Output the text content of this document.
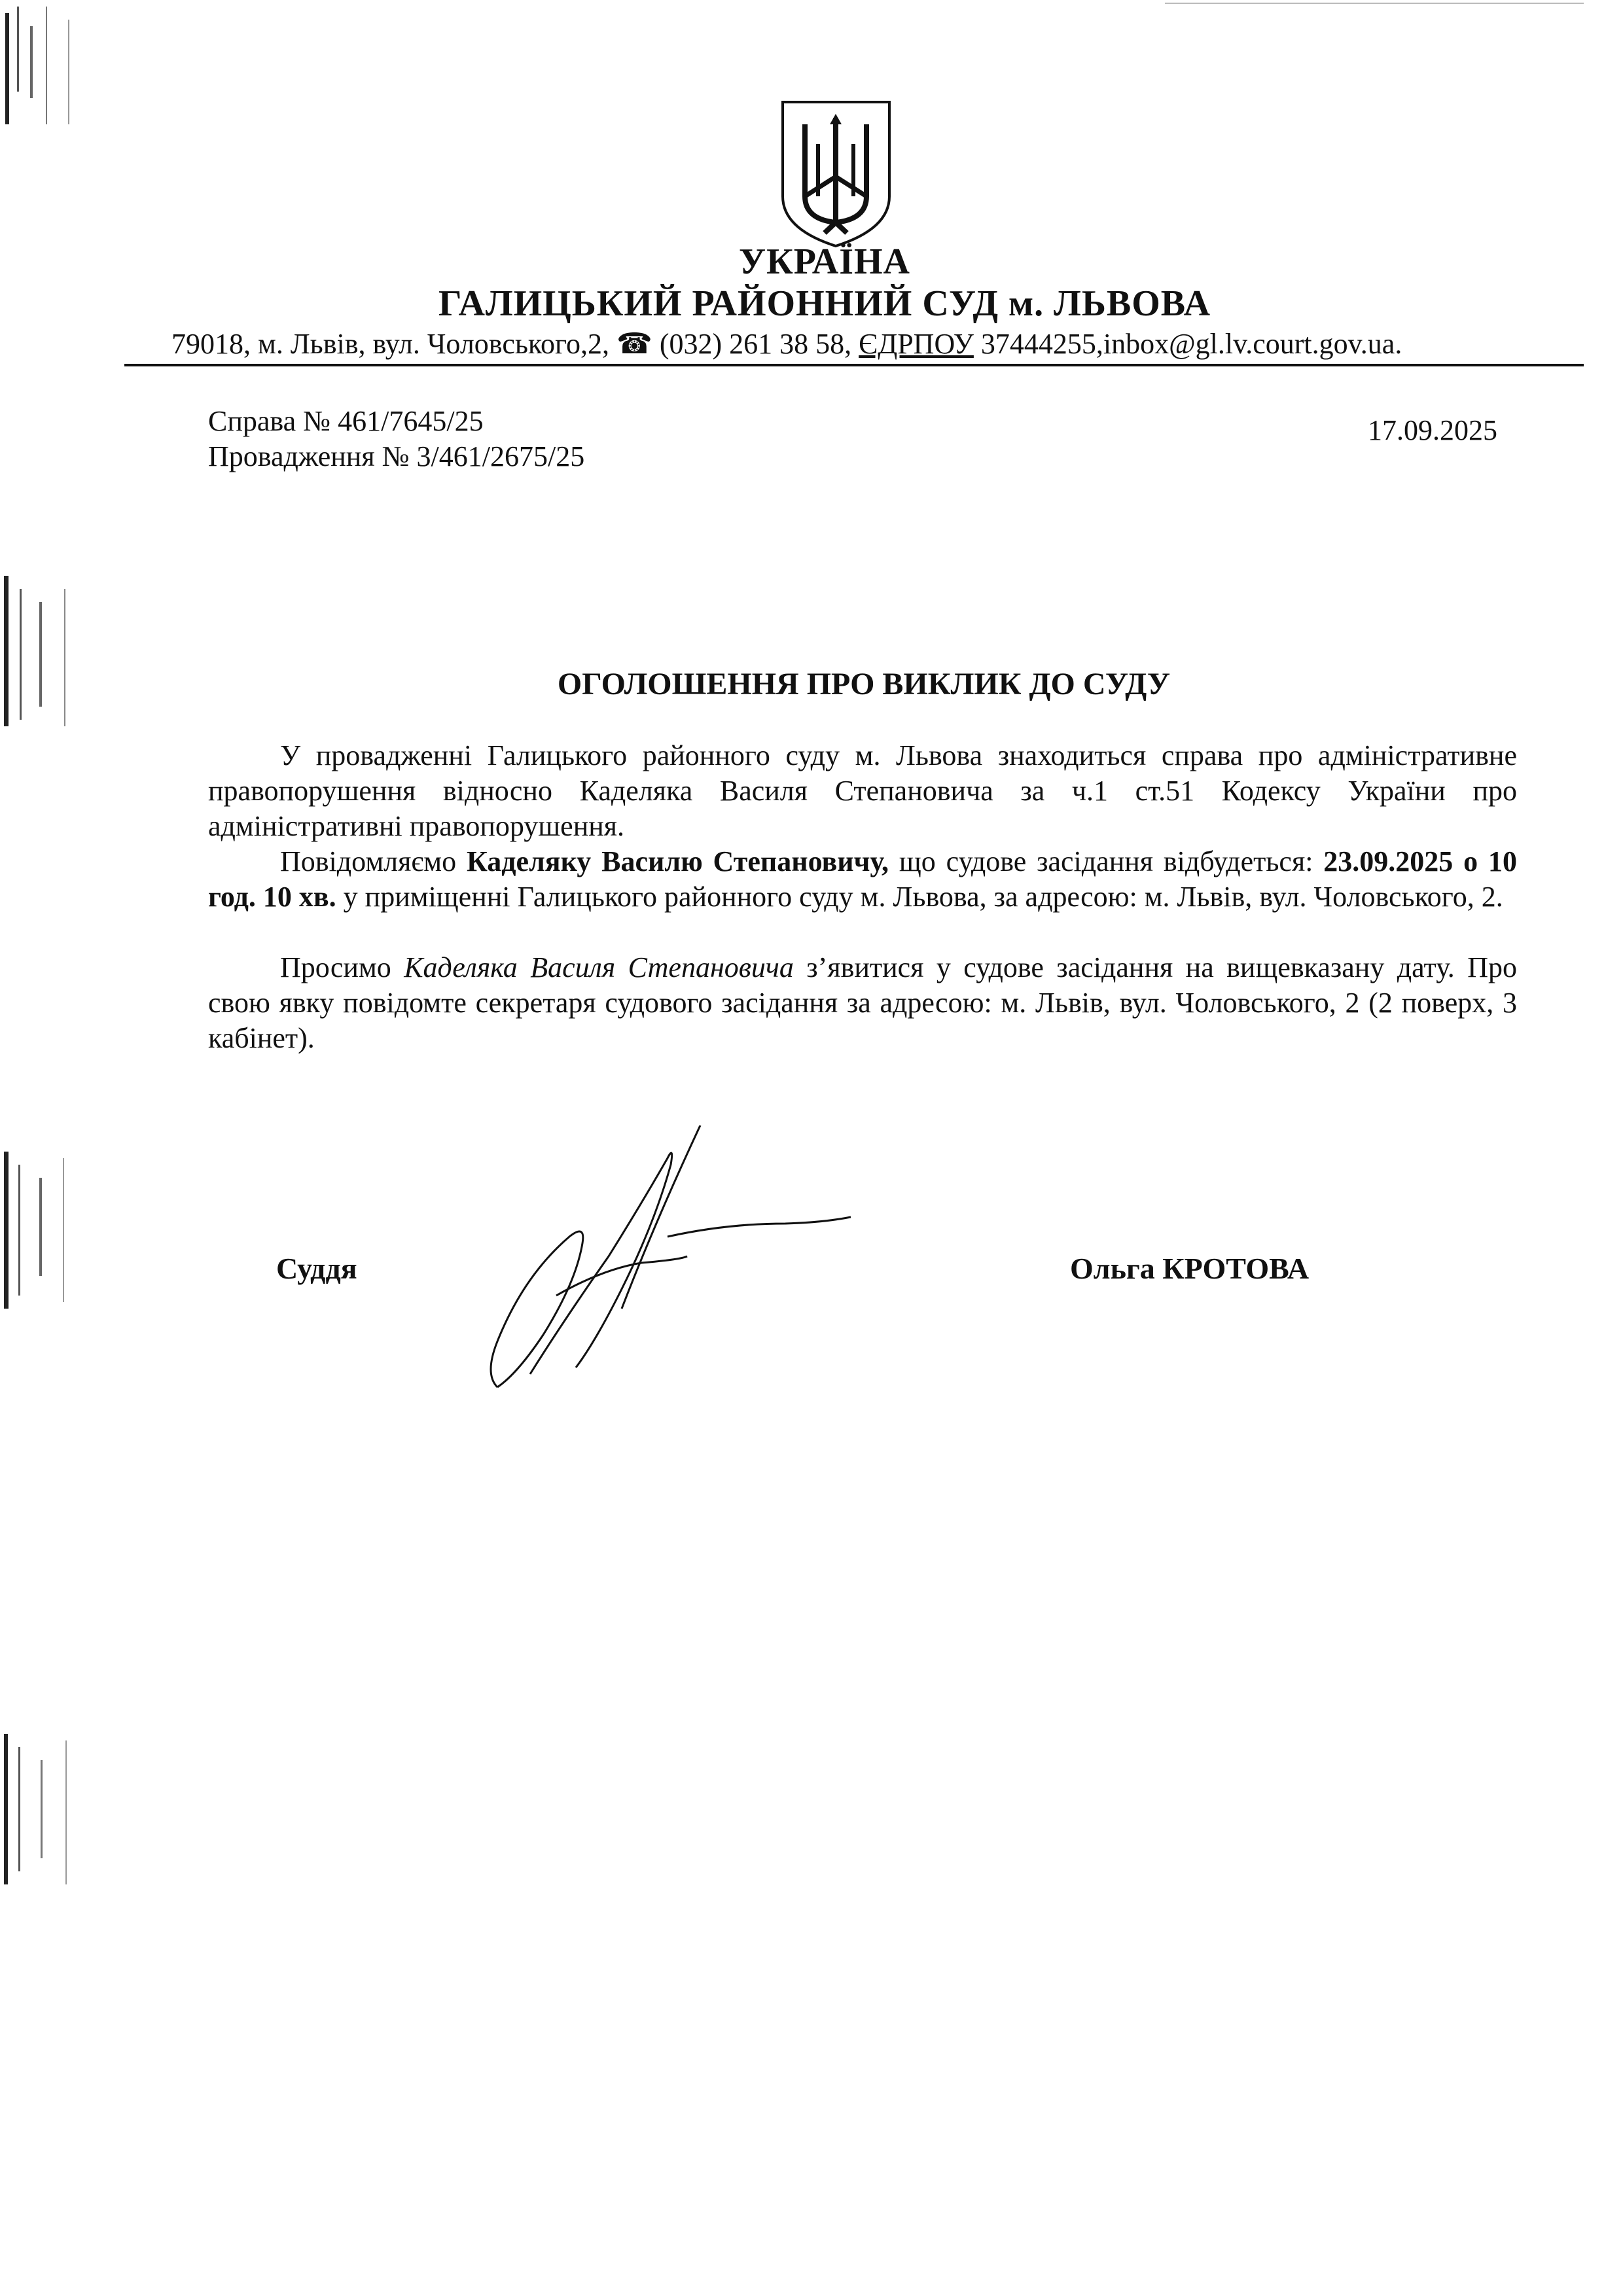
УКРАЇНА
ГАЛИЦЬКИЙ РАЙОННИЙ СУД м. ЛЬВОВА
79018, м. Львів, вул. Чоловського,2, ☎ (032) 261 38 58, ЄДРПОУ 37444255,inbox@gl.lv.court.gov.ua.
Справа № 461/7645/25
Провадження № 3/461/2675/25
17.09.2025
ОГОЛОШЕННЯ ПРО ВИКЛИК ДО СУДУ
У провадженні Галицького районного суду м. Львова знаходиться справа про адміністративне правопорушення відносно Каделяка Василя Степановича за ч.1 ст.51 Кодексу України про адміністративні правопорушення.
Повідомляємо Каделяку Василю Степановичу, що судове засідання відбудеться: 23.09.2025 о 10 год. 10 хв. у приміщенні Галицького районного суду м. Львова, за адресою: м. Львів, вул. Чоловського, 2.
Просимо Каделяка Василя Степановича з’явитися у судове засідання на вищевказану дату. Про свою явку повідомте секретаря судового засідання за адресою: м. Львів, вул. Чоловського, 2 (2 поверх, 3 кабінет).
Суддя	Ольга КРОТОВА
